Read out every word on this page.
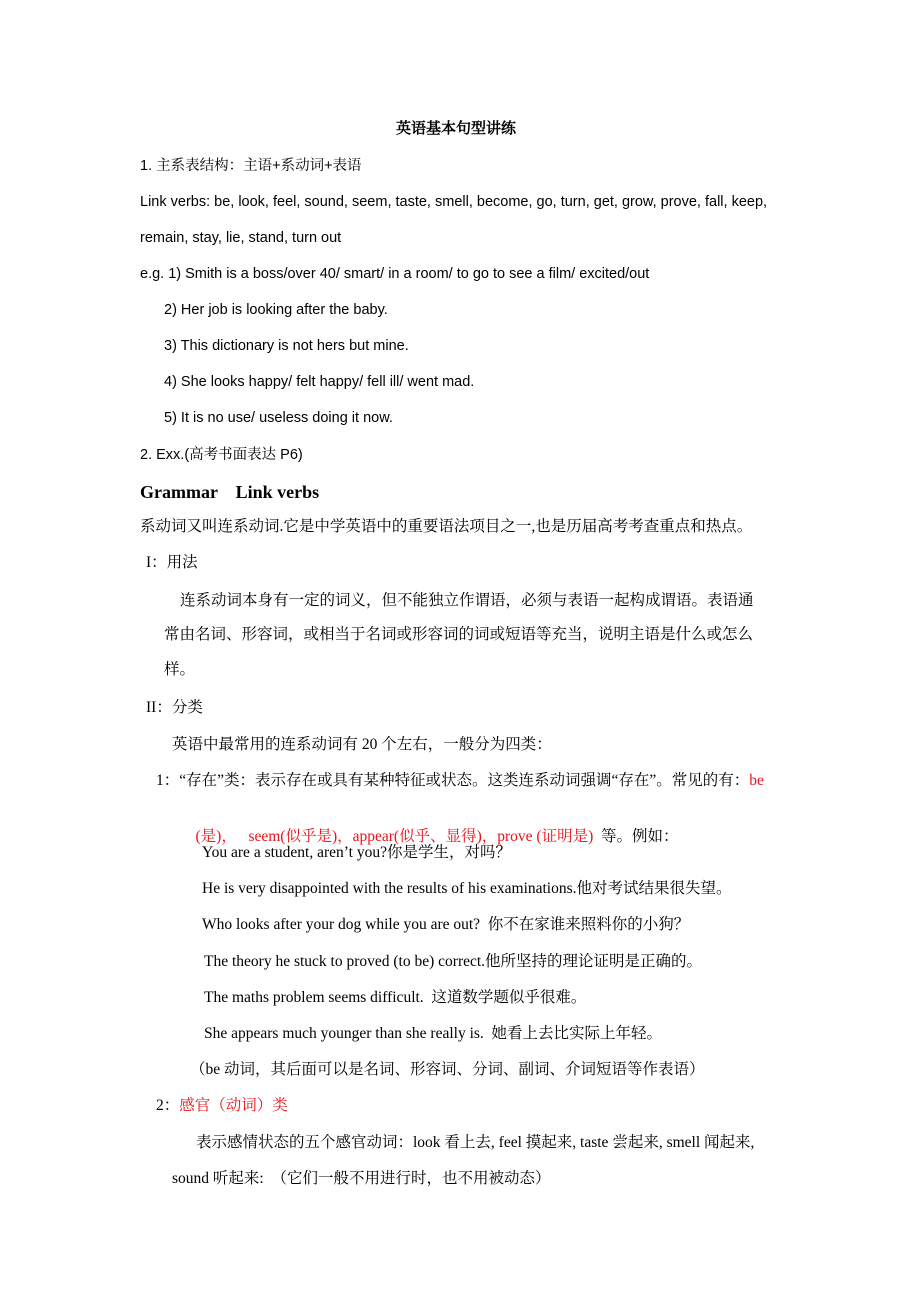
英语基本句型讲练
1. 主系表结构：主语+系动词+表语
Link verbs: be, look, feel, sound, seem, taste, smell, become, go, turn, get, grow, prove, fall, keep,
remain, stay, lie, stand, turn out
e.g. 1) Smith is a boss/over 40/ smart/ in a room/ to go to see a film/ excited/out
2) Her job is looking after the baby.
3) This dictionary is not hers but mine.
4) She looks happy/ felt happy/ fell ill/ went mad.
5) It is no use/ useless doing it now.
2. Exx.(高考书面表达 P6)
Grammar    Link verbs
系动词又叫连系动词.它是中学英语中的重要语法项目之一,也是历届高考考查重点和热点。
I：用法
连系动词本身有一定的词义，但不能独立作谓语，必须与表语一起构成谓语。表语通
常由名词、形容词，或相当于名词或形容词的词或短语等充当，说明主语是什么或怎么
样。
II：分类
英语中最常用的连系动词有 20 个左右，一般分为四类：
1：“存在”类：表示存在或具有某种特征或状态。这类连系动词强调“存在”。常见的有：be

(是)，   seem(似乎是)，appear(似乎、显得)，prove (证明是)  等。例如：

You are a student, aren’t you?你是学生，对吗？
He is very disappointed with the results of his examinations.他对考试结果很失望。
Who looks after your dog while you are out?  你不在家谁来照料你的小狗？
The theory he stuck to proved (to be) correct.他所坚持的理论证明是正确的。
The maths problem seems difficult.  这道数学题似乎很难。
She appears much younger than she really is.  她看上去比实际上年轻。
（be 动词，其后面可以是名词、形容词、分词、副词、介词短语等作表语）
2：感官（动词）类
表示感情状态的五个感官动词：look 看上去, feel 摸起来, taste 尝起来, smell 闻起来,
sound 听起来:  （它们一般不用进行时，也不用被动态）
